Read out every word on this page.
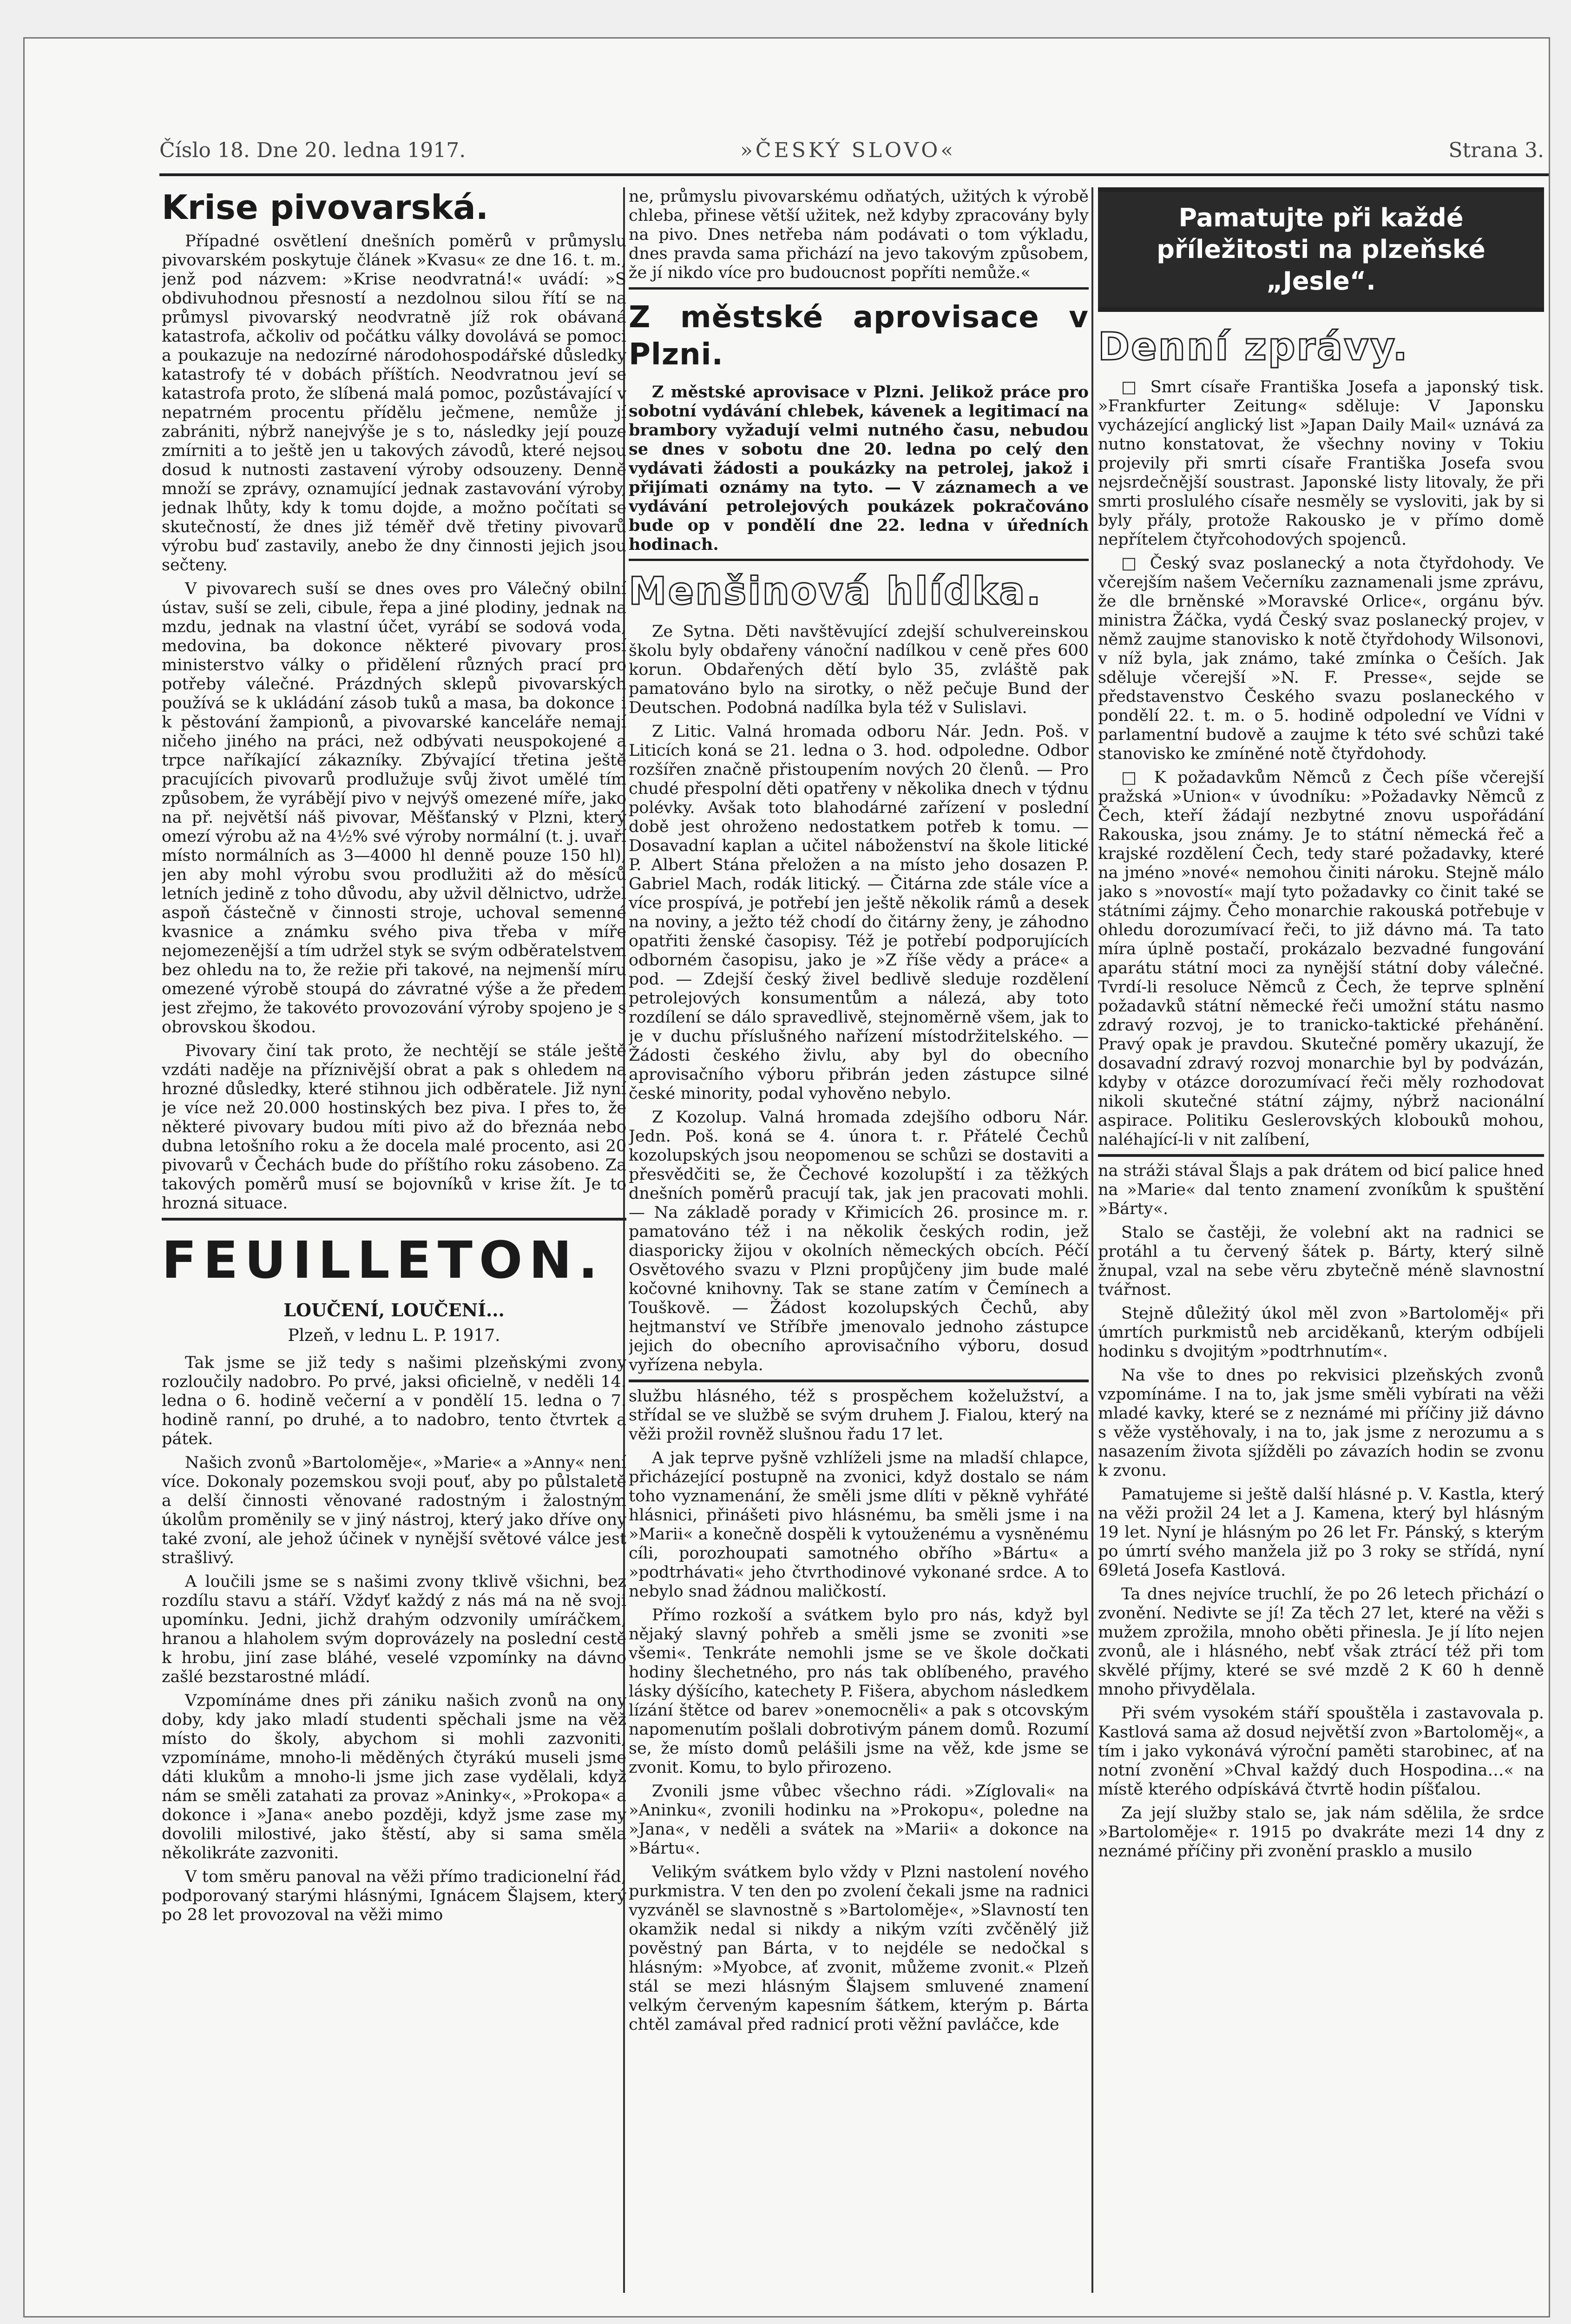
Číslo 18. Dne 20. ledna 1917.	»ČESKÝ SLOVO«	Strana 3.
Krise pivovarská.

Případné osvětlení dnešních poměrů v průmyslu pivovarském poskytuje článek »Kvasu« ze dne 16. t. m., jenž pod názvem: »Krise neodvratná!« uvádí: »S obdivuhodnou přesností a nezdolnou silou řítí se na průmysl pivovarský neodvratně jíž rok obávaná katastrofa, ačkoliv od počátku války dovolává se pomoci a poukazuje na nedozírné národohospodářské důsledky katastrofy té v dobách příštích. Neodvratnou jeví se katastrofa proto, že slíbená malá pomoc, pozůstávající v nepatrném procentu přídělu ječmene, nemůže jí zabrániti, nýbrž nanejvýše je s to, následky její pouze zmírniti a to ještě jen u takových závodů, které nejsou dosud k nutnosti zastavení výroby odsouzeny. Denně množí se zprávy, oznamující jednak zastavování výroby, jednak lhůty, kdy k tomu dojde, a možno počítati se skutečností, že dnes již téměř dvě třetiny pivovarů výrobu buď zastavily, anebo že dny činnosti jejich jsou sečteny.

V pivovarech suší se dnes oves pro Válečný obilní ústav, suší se zeli, cibule, řepa a jiné plodiny, jednak na mzdu, jednak na vlastní účet, vyrábí se sodová voda, medovina, ba dokonce některé pivovary prosí ministerstvo války o přidělení různých prací pro potřeby válečné. Prázdných sklepů pivovarských používá se k ukládání zásob tuků a masa, ba dokonce i k pěstování žampionů, a pivovarské kanceláře nemají ničeho jiného na práci, než odbývati neuspokojené a trpce naříkající zákazníky. Zbývající třetina ještě pracujících pivovarů prodlužuje svůj život umělé tím způsobem, že vyrábějí pivo v nejvýš omezené míře, jako na př. největší náš pivovar, Měšťanský v Plzni, který omezí výrobu až na 4½% své výroby normální (t. j. uvaří místo normálních as 3—4000 hl denně pouze 150 hl), jen aby mohl výrobu svou prodlužiti až do měsíců letních jedině z toho důvodu, aby užvil dělnictvo, udržel aspoň částečně v činnosti stroje, uchoval semenné kvasnice a známku svého piva třeba v míře nejomezenější a tím udržel styk se svým odběratelstvem bez ohledu na to, že režie při takové, na nejmenší míru omezené výrobě stoupá do závratné výše a že předem jest zřejmo, že takovéto provozování výroby spojeno je s obrovskou škodou.

Pivovary činí tak proto, že nechtějí se stále ještě vzdáti naděje na příznivější obrat a pak s ohledem na hrozné důsledky, které stihnou jich odběratele. Již nyní je více než 20.000 hostinských bez piva. I přes to, že některé pivovary budou míti pivo až do březnáa nebo dubna letošního roku a že docela malé procento, asi 20 pivovarů v Čechách bude do příštího roku zásobeno. Za takových poměrů musí se bojovníků v krise žít. Je to hrozná situace.

FEUILLETON.
LOUČENÍ, LOUČENÍ...
Plzeň, v lednu L. P. 1917.

Tak jsme se již tedy s našimi plzeňskými zvony rozloučily nadobro. Po prvé, jaksi oficielně, v neděli 14. ledna o 6. hodině večerní a v pondělí 15. ledna o 7. hodině ranní, po druhé, a to nadobro, tento čtvrtek a pátek.

Našich zvonů »Bartoloměje«, »Marie« a »Anny« není více. Dokonaly pozemskou svoji pouť, aby po půlstaletě a delší činnosti věnované radostným i žalostným úkolům proměnily se v jiný nástroj, který jako dříve ony také zvoní, ale jehož účinek v nynější světové válce jest strašlivý.

A loučili jsme se s našimi zvony tklivě všichni, bez rozdílu stavu a stáří. Vždyť každý z nás má na ně svoji upomínku. Jedni, jichž drahým odzvonily umíráčkem, hranou a hlaholem svým doprovázely na poslední cestě k hrobu, jiní zase bláhé, veselé vzpomínky na dávno zašlé bezstarostné mládí.

Vzpomínáme dnes při zániku našich zvonů na ony doby, kdy jako mladí studenti spěchali jsme na věž místo do školy, abychom si mohli zazvoniti, vzpomínáme, mnoho-li měděných čtyrákú museli jsme dáti klukům a mnoho-li jsme jich zase vydělali, když nám se směli zatahati za provaz »Aninky«, »Prokopa« a dokonce i »Jana« anebo později, když jsme zase my dovolili milostivé, jako štěstí, aby si sama směla několikráte zazvoniti.

V tom směru panoval na věži přímo tradicionelní řád, podporovaný starými hlásnými, Ignácem Šlajsem, který po 28 let provozoval na věži mimo

ne, průmyslu pivovarskému odňatých, užitých k výrobě chleba, přinese větší užitek, než kdyby zpracovány byly na pivo. Dnes netřeba nám podávati o tom výkladu, dnes pravda sama přichází na jevo takovým způsobem, že jí nikdo více pro budoucnost popříti nemůže.«

Z městské aprovisace v Plzni.

Z městské aprovisace v Plzni. Jelikož práce pro sobotní vydávání chlebek, kávenek a legitimací na brambory vyžadují velmi nutného času, nebudou se dnes v sobotu dne 20. ledna po celý den vydávati žádosti a poukázky na petrolej, jakož i přijímati oznámy na tyto. — V záznamech a ve vydávání petrolejových poukázek pokračováno bude op v pondělí dne 22. ledna v úředních hodinach.

Menšinová hlídka.

Ze Sytna. Děti navštěvující zdejší schulvereinskou školu byly obdařeny vánoční nadílkou v ceně přes 600 korun. Obdařených dětí bylo 35, zvláště pak pamatováno bylo na sirotky, o něž pečuje Bund der Deutschen. Podobná nadílka byla též v Sulislavi.

Z Litic. Valná hromada odboru Nár. Jedn. Poš. v Liticích koná se 21. ledna o 3. hod. odpoledne. Odbor rozšířen značně přistoupením nových 20 členů. — Pro chudé přespolní děti opatřeny v několika dnech v týdnu polévky. Avšak toto blahodárné zařízení v poslední době jest ohroženo nedostatkem potřeb k tomu. — Dosavadní kaplan a učitel náboženství na škole litické P. Albert Stána přeložen a na místo jeho dosazen P. Gabriel Mach, rodák litický. — Čitárna zde stále více a více prospívá, je potřebí jen ještě několik rámů a desek na noviny, a ježto též chodí do čitárny ženy, je záhodno opatřiti ženské časopisy. Též je potřebí podporujících odborném časopisu, jako je »Z říše vědy a práce« a pod. — Zdejší český živel bedlivě sleduje rozdělení petrolejových konsumentům a nálezá, aby toto rozdílení se dálo spravedlivě, stejnoměrně všem, jak to je v duchu příslušného nařízení místodržitelského. — Žádosti českého živlu, aby byl do obecního aprovisačního výboru přibrán jeden zástupce silné české minority, podal vyhověno nebylo.

Z Kozolup. Valná hromada zdejšího odboru Nár. Jedn. Poš. koná se 4. února t. r. Přátelé Čechů kozolupských jsou neopomenou se schůzi se dostaviti a přesvědčiti se, že Čechové kozolupští i za těžkých dnešních poměrů pracují tak, jak jen pracovati mohli. — Na základě porady v Křimicích 26. prosince m. r. pamatováno též i na několik českých rodin, jež diasporicky žijou v okolních německých obcích. Péčí Osvětového svazu v Plzni propůjčeny jim bude malé kočovné knihovny. Tak se stane zatím v Čemínech a Touškově. — Žádost kozolupských Čechů, aby hejtmanství ve Stříbře jmenovalo jednoho zástupce jejich do obecního aprovisačního výboru, dosud vyřízena nebyla.

službu hlásného, též s prospěchem koželužství, a střídal se ve službě se svým druhem J. Fialou, který na věži prožil rovněž slušnou řadu 17 let.

A jak teprve pyšně vzhlíželi jsme na mladší chlapce, přicházející postupně na zvonici, když dostalo se nám toho vyznamenání, že směli jsme dlíti v pěkně vyhřáté hlásnici, přinášeti pivo hlásnému, ba směli jsme i na »Marii« a konečně dospěli k vytouženému a vysněnému cíli, porozhoupati samotného obřího »Bártu« a »podtrhávati« jeho čtvrthodinové vykonané srdce. A to nebylo snad žádnou maličkostí.

Přímo rozkoší a svátkem bylo pro nás, když byl nějaký slavný pohřeb a směli jsme se zvoniti »se všemi«. Tenkráte nemohli jsme se ve škole dočkati hodiny šlechetného, pro nás tak oblíbeného, pravého lásky dýšícího, katechety P. Fišera, abychom následkem lízání štětce od barev »onemocněli« a pak s otcovským napomenutím pošlali dobrotivým pánem domů. Rozumí se, že místo domů pelášili jsme na věž, kde jsme se zvonit. Komu, to bylo přirozeno.

Zvonili jsme vůbec všechno rádi. »Zíglovali« na »Aninku«, zvonili hodinku na »Prokopu«, poledne na »Jana«, v neděli a svátek na »Marii« a dokonce na »Bártu«.

Velikým svátkem bylo vždy v Plzni nastolení nového purkmistra. V ten den po zvolení čekali jsme na radnici vyzváněl se slavnostně s »Bartoloměje«, »Slavností ten okamžik nedal si nikdy a nikým vzíti zvčěnělý již pověstný pan Bárta, v to nejdéle se nedočkal s hlásným: »Myobce, ať zvonit, můžeme zvonit.« Plzeň stál se mezi hlásným Šlajsem smluvené znamení velkým červeným kapesním šátkem, kterým p. Bárta chtěl zamával před radnicí proti věžní pavláčce, kde

Pamatujte při každé příležitosti na plzeňské „Jesle“.
Denní zprávy.

□ Smrt císaře Františka Josefa a japonský tisk. »Frankfurter Zeitung« sděluje: V Japonsku vycházející anglický list »Japan Daily Mail« uznává za nutno konstatovat, že všechny noviny v Tokiu projevily při smrti císaře Františka Josefa svou nejsrdečnější soustrast. Japonské listy litovaly, že při smrti proslulého císaře nesměly se vysloviti, jak by si byly přály, protože Rakousko je v přímo domě nepřítelem čtyřcohodových spojenců.

□ Český svaz poslanecký a nota čtyřdohody. Ve včerejším našem Večerníku zaznamenali jsme zprávu, že dle brněnské »Moravské Orlice«, orgánu býv. ministra Žáčka, vydá Český svaz poslanecký projev, v němž zaujme stanovisko k notě čtyřdohody Wilsonovi, v níž byla, jak známo, také zmínka o Češích. Jak sděluje včerejší »N. F. Presse«, sejde se představenstvo Českého svazu poslaneckého v pondělí 22. t. m. o 5. hodině odpolední ve Vídni v parlamentní budově a zaujme k této své schůzi také stanovisko ke zmíněné notě čtyřdohody.

□ K požadavkům Němců z Čech píše včerejší pražská »Union« v úvodníku: »Požadavky Němců z Čech, kteří žádají nezbytné znovu uspořádání Rakouska, jsou známy. Je to státní německá řeč a krajské rozdělení Čech, tedy staré požadavky, které na jméno »nové« nemohou činiti nároku. Stejně málo jako s »novostí« mají tyto požadavky co činit také se státními zájmy. Čeho monarchie rakouská potřebuje v ohledu dorozumívací řeči, to již dávno má. Ta tato míra úplně postačí, prokázalo bezvadné fungování aparátu státní moci za nynější státní doby válečné. Tvrdí-li resoluce Němců z Čech, že teprve splnění požadavků státní německé řeči umožní státu nasmo zdravý rozvoj, je to tranicko-taktické přehánění. Pravý opak je pravdou. Skutečné poměry ukazují, že dosavadní zdravý rozvoj monarchie byl by podvázán, kdyby v otázce dorozumívací řeči měly rozhodovat nikoli skutečné státní zájmy, nýbrž nacionální aspirace. Politiku Geslerovských klobouků mohou, naléhající-li v nit zalíbení,

na stráži stával Šlajs a pak drátem od bicí palice hned na »Marie« dal tento znamení zvoníkům k spuštění »Bárty«.

Stalo se častěji, že volební akt na radnici se protáhl a tu červený šátek p. Bárty, který silně žnupal, vzal na sebe věru zbytečně méně slavnostní tvářnost.

Stejně důležitý úkol měl zvon »Bartoloměj« při úmrtích purkmistů neb arciděkanů, kterým odbíjeli hodinku s dvojitým »podtrhnutím«.

Na vše to dnes po rekvisici plzeňských zvonů vzpomínáme. I na to, jak jsme směli vybírati na věži mladé kavky, které se z neznámé mi příčiny již dávno s věže vystěhovaly, i na to, jak jsme z nerozumu a s nasazením života sjížděli po závazích hodin se zvonu k zvonu.

Pamatujeme si ještě další hlásné p. V. Kastla, který na věži prožil 24 let a J. Kamena, který byl hlásným 19 let. Nyní je hlásným po 26 let Fr. Pánský, s kterým po úmrtí svého manžela již po 3 roky se střídá, nyní 69letá Josefa Kastlová.

Ta dnes nejvíce truchlí, že po 26 letech přichází o zvonění. Nedivte se jí! Za těch 27 let, které na věži s mužem zprožila, mnoho oběti přinesla. Je jí líto nejen zvonů, ale i hlásného, nebť však ztrácí též při tom skvělé příjmy, které se své mzdě 2 K 60 h denně mnoho přivydělala.

Při svém vysokém stáří spouštěla i zastavovala p. Kastlová sama až dosud největší zvon »Bartoloměj«, a tím i jako vykonává výroční paměti starobinec, ať na notní zvonění »Chval každý duch Hospodina…« na místě kterého odpískává čtvrtě hodin píšťalou.

Za její služby stalo se, jak nám sdělila, že srdce »Bartoloměje« r. 1915 po dvakráte mezi 14 dny z neznámé příčiny při zvonění prasklo a musilo
